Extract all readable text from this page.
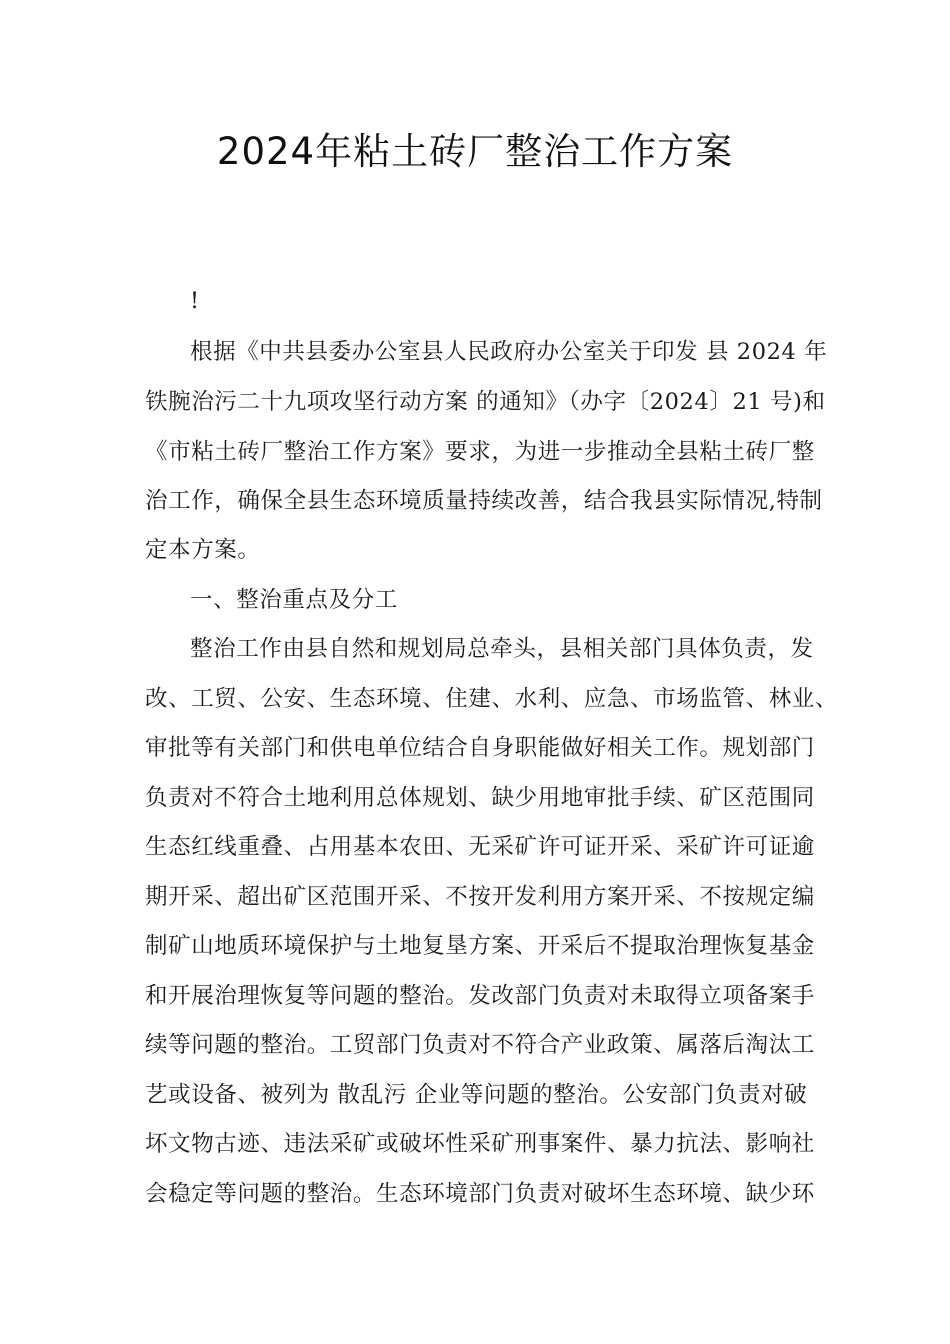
2024年粘土砖厂整治工作方案
!
根据《中共县委办公室县人民政府办公室关于印发 县 2024 年
铁腕治污二十九项攻坚行动方案 的通知》（办字〔2024〕21 号)和
《市粘土砖厂整治工作方案》要求，为进一步推动全县粘土砖厂整
治工作，确保全县生态环境质量持续改善，结合我县实际情况,特制
定本方案。
一、整治重点及分工
整治工作由县自然和规划局总牵头，县相关部门具体负责，发
改、工贸、公安、生态环境、住建、水利、应急、市场监管、林业、
审批等有关部门和供电单位结合自身职能做好相关工作。规划部门
负责对不符合土地利用总体规划、缺少用地审批手续、矿区范围同
生态红线重叠、占用基本农田、无采矿许可证开采、采矿许可证逾
期开采、超出矿区范围开采、不按开发利用方案开采、不按规定编
制矿山地质环境保护与土地复垦方案、开采后不提取治理恢复基金
和开展治理恢复等问题的整治。发改部门负责对未取得立项备案手
续等问题的整治。工贸部门负责对不符合产业政策、属落后淘汰工
艺或设备、被列为 散乱污 企业等问题的整治。公安部门负责对破
坏文物古迹、违法采矿或破坏性采矿刑事案件、暴力抗法、影响社
会稳定等问题的整治。生态环境部门负责对破坏生态环境、缺少环
